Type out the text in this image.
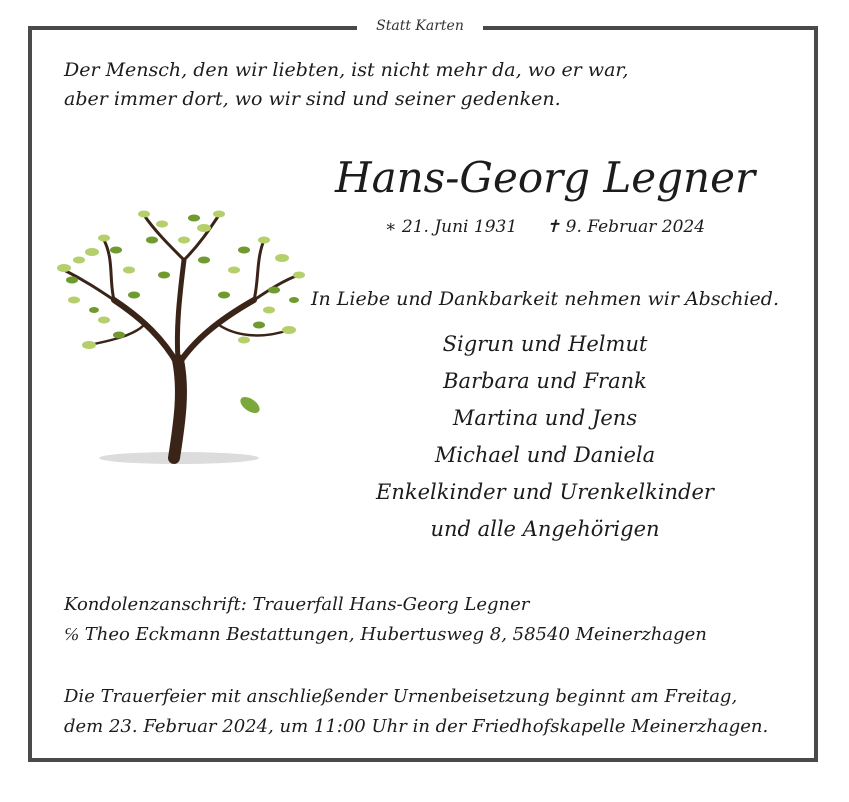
Statt Karten
Der Mensch, den wir liebten, ist nicht mehr da, wo er war,
aber immer dort, wo wir sind und seiner gedenken.
Hans-Georg Legner
∗ 21. Juni 1931 ✝ 9. Februar 2024
In Liebe und Dankbarkeit nehmen wir Abschied.
Sigrun und Helmut
Barbara und Frank
Martina und Jens
Michael und Daniela
Enkelkinder und Urenkelkinder
und alle Angehörigen
Kondolenzanschrift: Trauerfall Hans-Georg Legner
℅ Theo Eckmann Bestattungen, Hubertusweg 8, 58540 Meinerzhagen
Die Trauerfeier mit anschließender Urnenbeisetzung beginnt am Freitag,
dem 23. Februar 2024, um 11:00 Uhr in der Friedhofskapelle Meinerzhagen.
